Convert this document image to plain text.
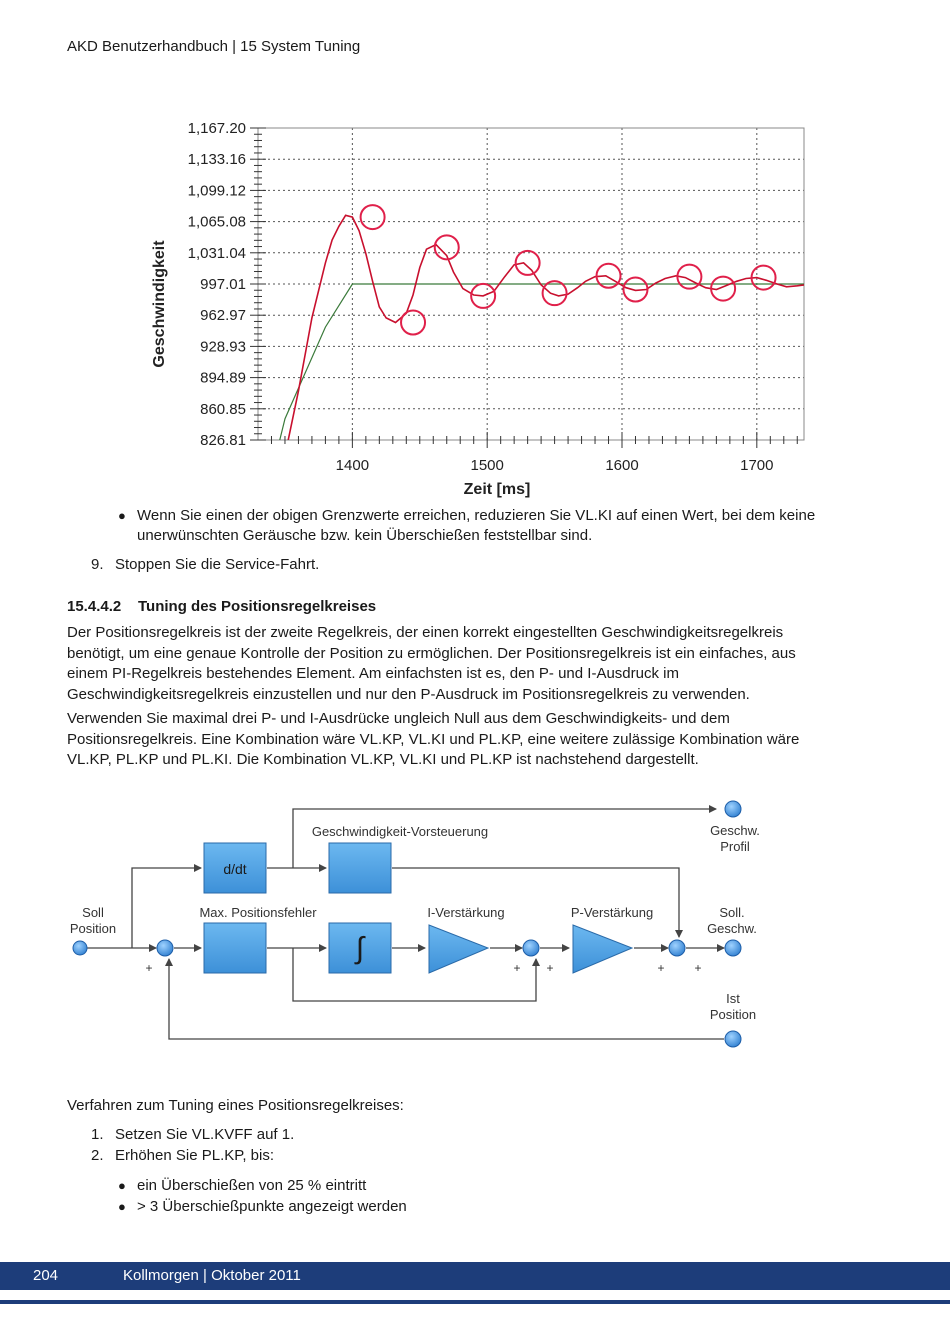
AKD Benutzerhandbuch | 15 System Tuning
1,167.20
1,133.16
1,099.12
1,065.08
1,031.04
997.01
962.97
928.93
894.89
860.85
826.81
1400	1500	1600	1700
Geschwindigkeit
Zeit [ms]
● Wenn Sie einen der obigen Grenzwerte erreichen, reduzieren Sie VL.KI auf einen Wert, bei dem keine
unerwünschten Geräusche bzw. kein Überschießen feststellbar sind.
9. Stoppen Sie die Service-Fahrt.
15.4.4.2 Tuning des Positionsregelkreises
Der Positionsregelkreis ist der zweite Regelkreis, der einen korrekt eingestellten Geschwindigkeitsregelkreis
benötigt, um eine genaue Kontrolle der Position zu ermöglichen. Der Positionsregelkreis ist ein einfaches, aus
einem PI-Regelkreis bestehendes Element. Am einfachsten ist es, den P- und I-Ausdruck im
Geschwindigkeitsregelkreis einzustellen und nur den P-Ausdruck im Positionsregelkreis zu verwenden.
Verwenden Sie maximal drei P- und I-Ausdrücke ungleich Null aus dem Geschwindigkeits- und dem
Positionsregelkreis. Eine Kombination wäre VL.KP, VL.KI und PL.KP, eine weitere zulässige Kombination wäre
VL.KP, PL.KP und PL.KI. Die Kombination VL.KP, VL.KI und PL.KP ist nachstehend dargestellt.
d/dt
∫
Soll
Position
Max. Positionsfehler
Geschwindigkeit-Vorsteuerung
I-Verstärkung	P-Verstärkung
Geschw.
Profil
Soll.
Geschw.
Ist
Position
+	+ +	+ +
Verfahren zum Tuning eines Positionsregelkreises:
1. Setzen Sie VL.KVFF auf 1.
2. Erhöhen Sie PL.KP, bis:
● ein Überschießen von 25 % eintritt
● > 3 Überschießpunkte angezeigt werden
204	Kollmorgen | Oktober 2011
